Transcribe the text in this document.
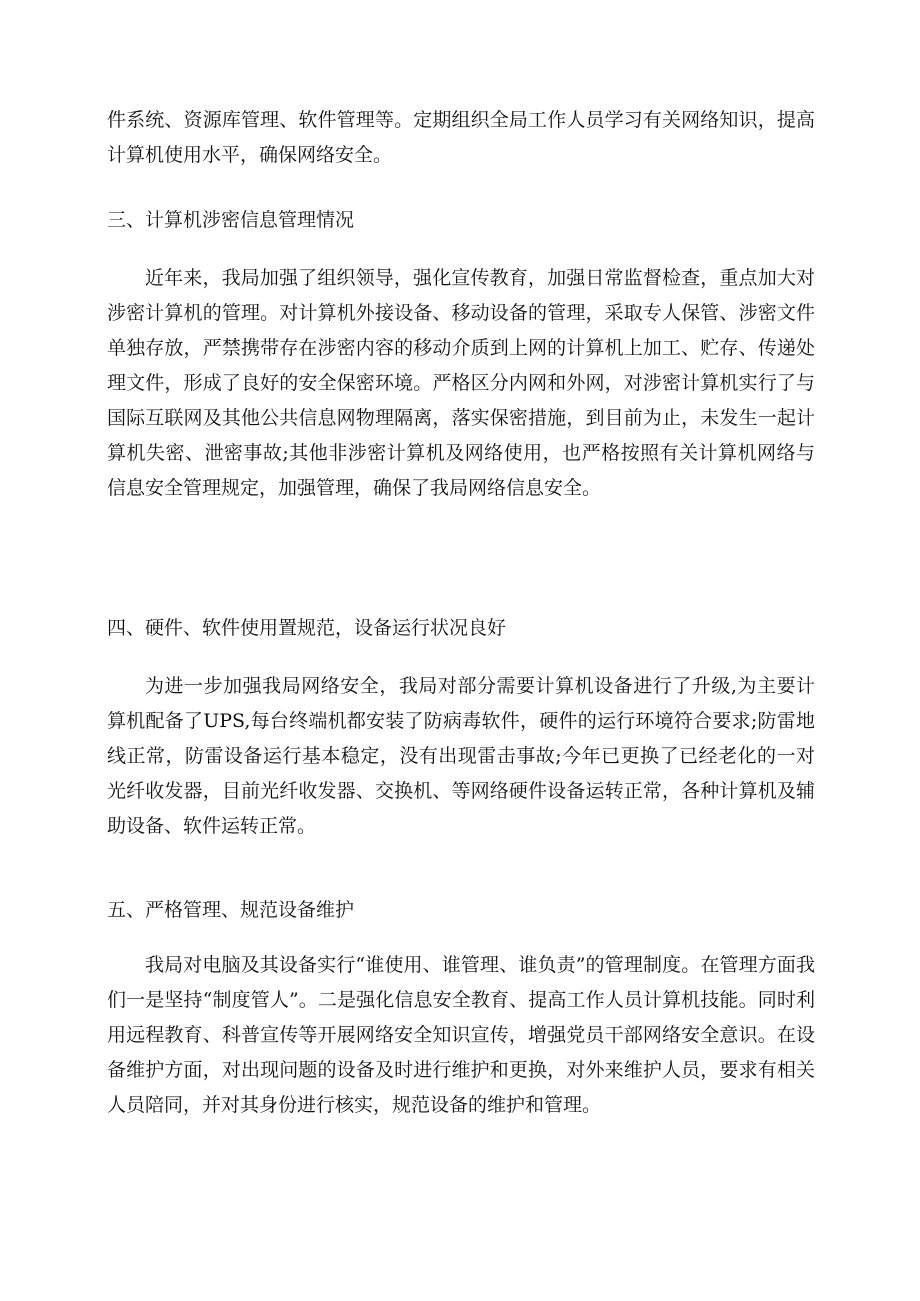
件系统、资源库管理、软件管理等。定期组织全局工作人员学习有关网络知识，提高计算机使用水平，确保网络安全。

三、计算机涉密信息管理情况

近年来，我局加强了组织领导，强化宣传教育，加强日常监督检查，重点加大对涉密计算机的管理。对计算机外接设备、移动设备的管理，采取专人保管、涉密文件单独存放，严禁携带存在涉密内容的移动介质到上网的计算机上加工、贮存、传递处理文件，形成了良好的安全保密环境。严格区分内网和外网，对涉密计算机实行了与国际互联网及其他公共信息网物理隔离，落实保密措施，到目前为止，未发生一起计算机失密、泄密事故;其他非涉密计算机及网络使用，也严格按照有关计算机网络与信息安全管理规定，加强管理，确保了我局网络信息安全。

四、硬件、软件使用置规范，设备运行状况良好

为进一步加强我局网络安全，我局对部分需要计算机设备进行了升级,为主要计算机配备了UPS,每台终端机都安装了防病毒软件，硬件的运行环境符合要求;防雷地线正常，防雷设备运行基本稳定，没有出现雷击事故;今年已更换了已经老化的一对光纤收发器，目前光纤收发器、交换机、等网络硬件设备运转正常，各种计算机及辅助设备、软件运转正常。

五、严格管理、规范设备维护

我局对电脑及其设备实行“谁使用、谁管理、谁负责”的管理制度。在管理方面我们一是坚持“制度管人”。二是强化信息安全教育、提高工作人员计算机技能。同时利用远程教育、科普宣传等开展网络安全知识宣传，增强党员干部网络安全意识。在设备维护方面，对出现问题的设备及时进行维护和更换，对外来维护人员，要求有相关人员陪同，并对其身份进行核实，规范设备的维护和管理。
